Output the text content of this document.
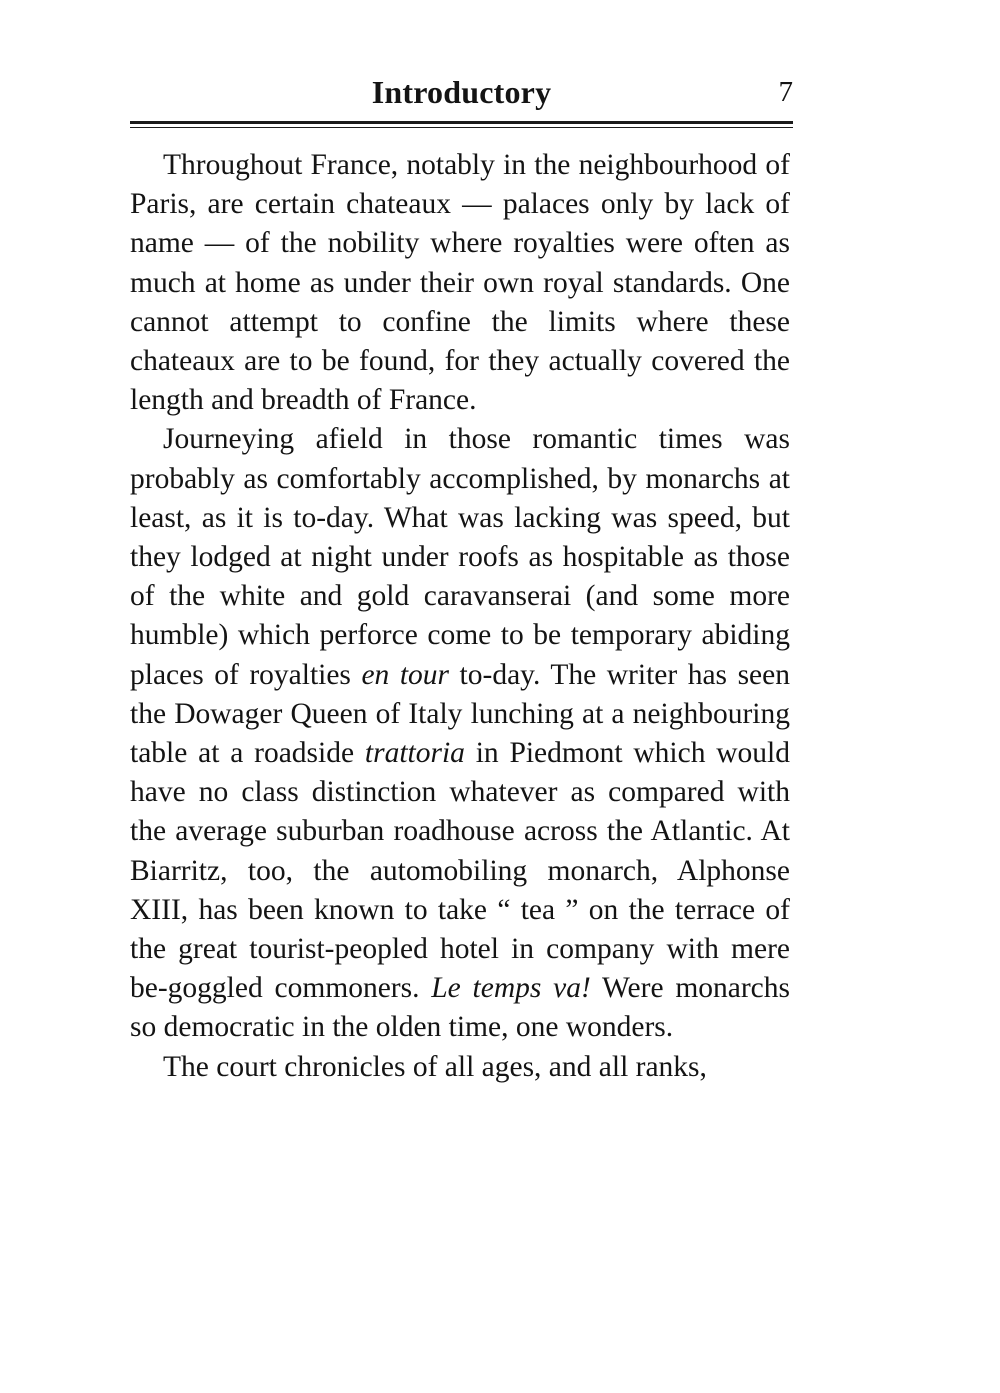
Introductory	7

Throughout France, notably in the neighbourhood of Paris, are certain chateaux — palaces only by lack of name — of the nobility where royalties were often as much at home as under their own royal standards. One cannot attempt to confine the limits where these chateaux are to be found, for they actually covered the length and breadth of France.

Journeying afield in those romantic times was probably as comfortably accomplished, by monarchs at least, as it is to-day. What was lacking was speed, but they lodged at night under roofs as hospitable as those of the white and gold caravanserai (and some more humble) which perforce come to be temporary abiding places of royalties en tour to-day. The writer has seen the Dowager Queen of Italy lunching at a neighbouring table at a roadside trattoria in Piedmont which would have no class distinction whatever as compared with the average suburban roadhouse across the Atlantic. At Biarritz, too, the automobiling monarch, Alphonse XIII, has been known to take “ tea ” on the terrace of the great tourist-peopled hotel in company with mere be-goggled commoners. Le temps va! Were monarchs so democratic in the olden time, one wonders.

The court chronicles of all ages, and all ranks,
